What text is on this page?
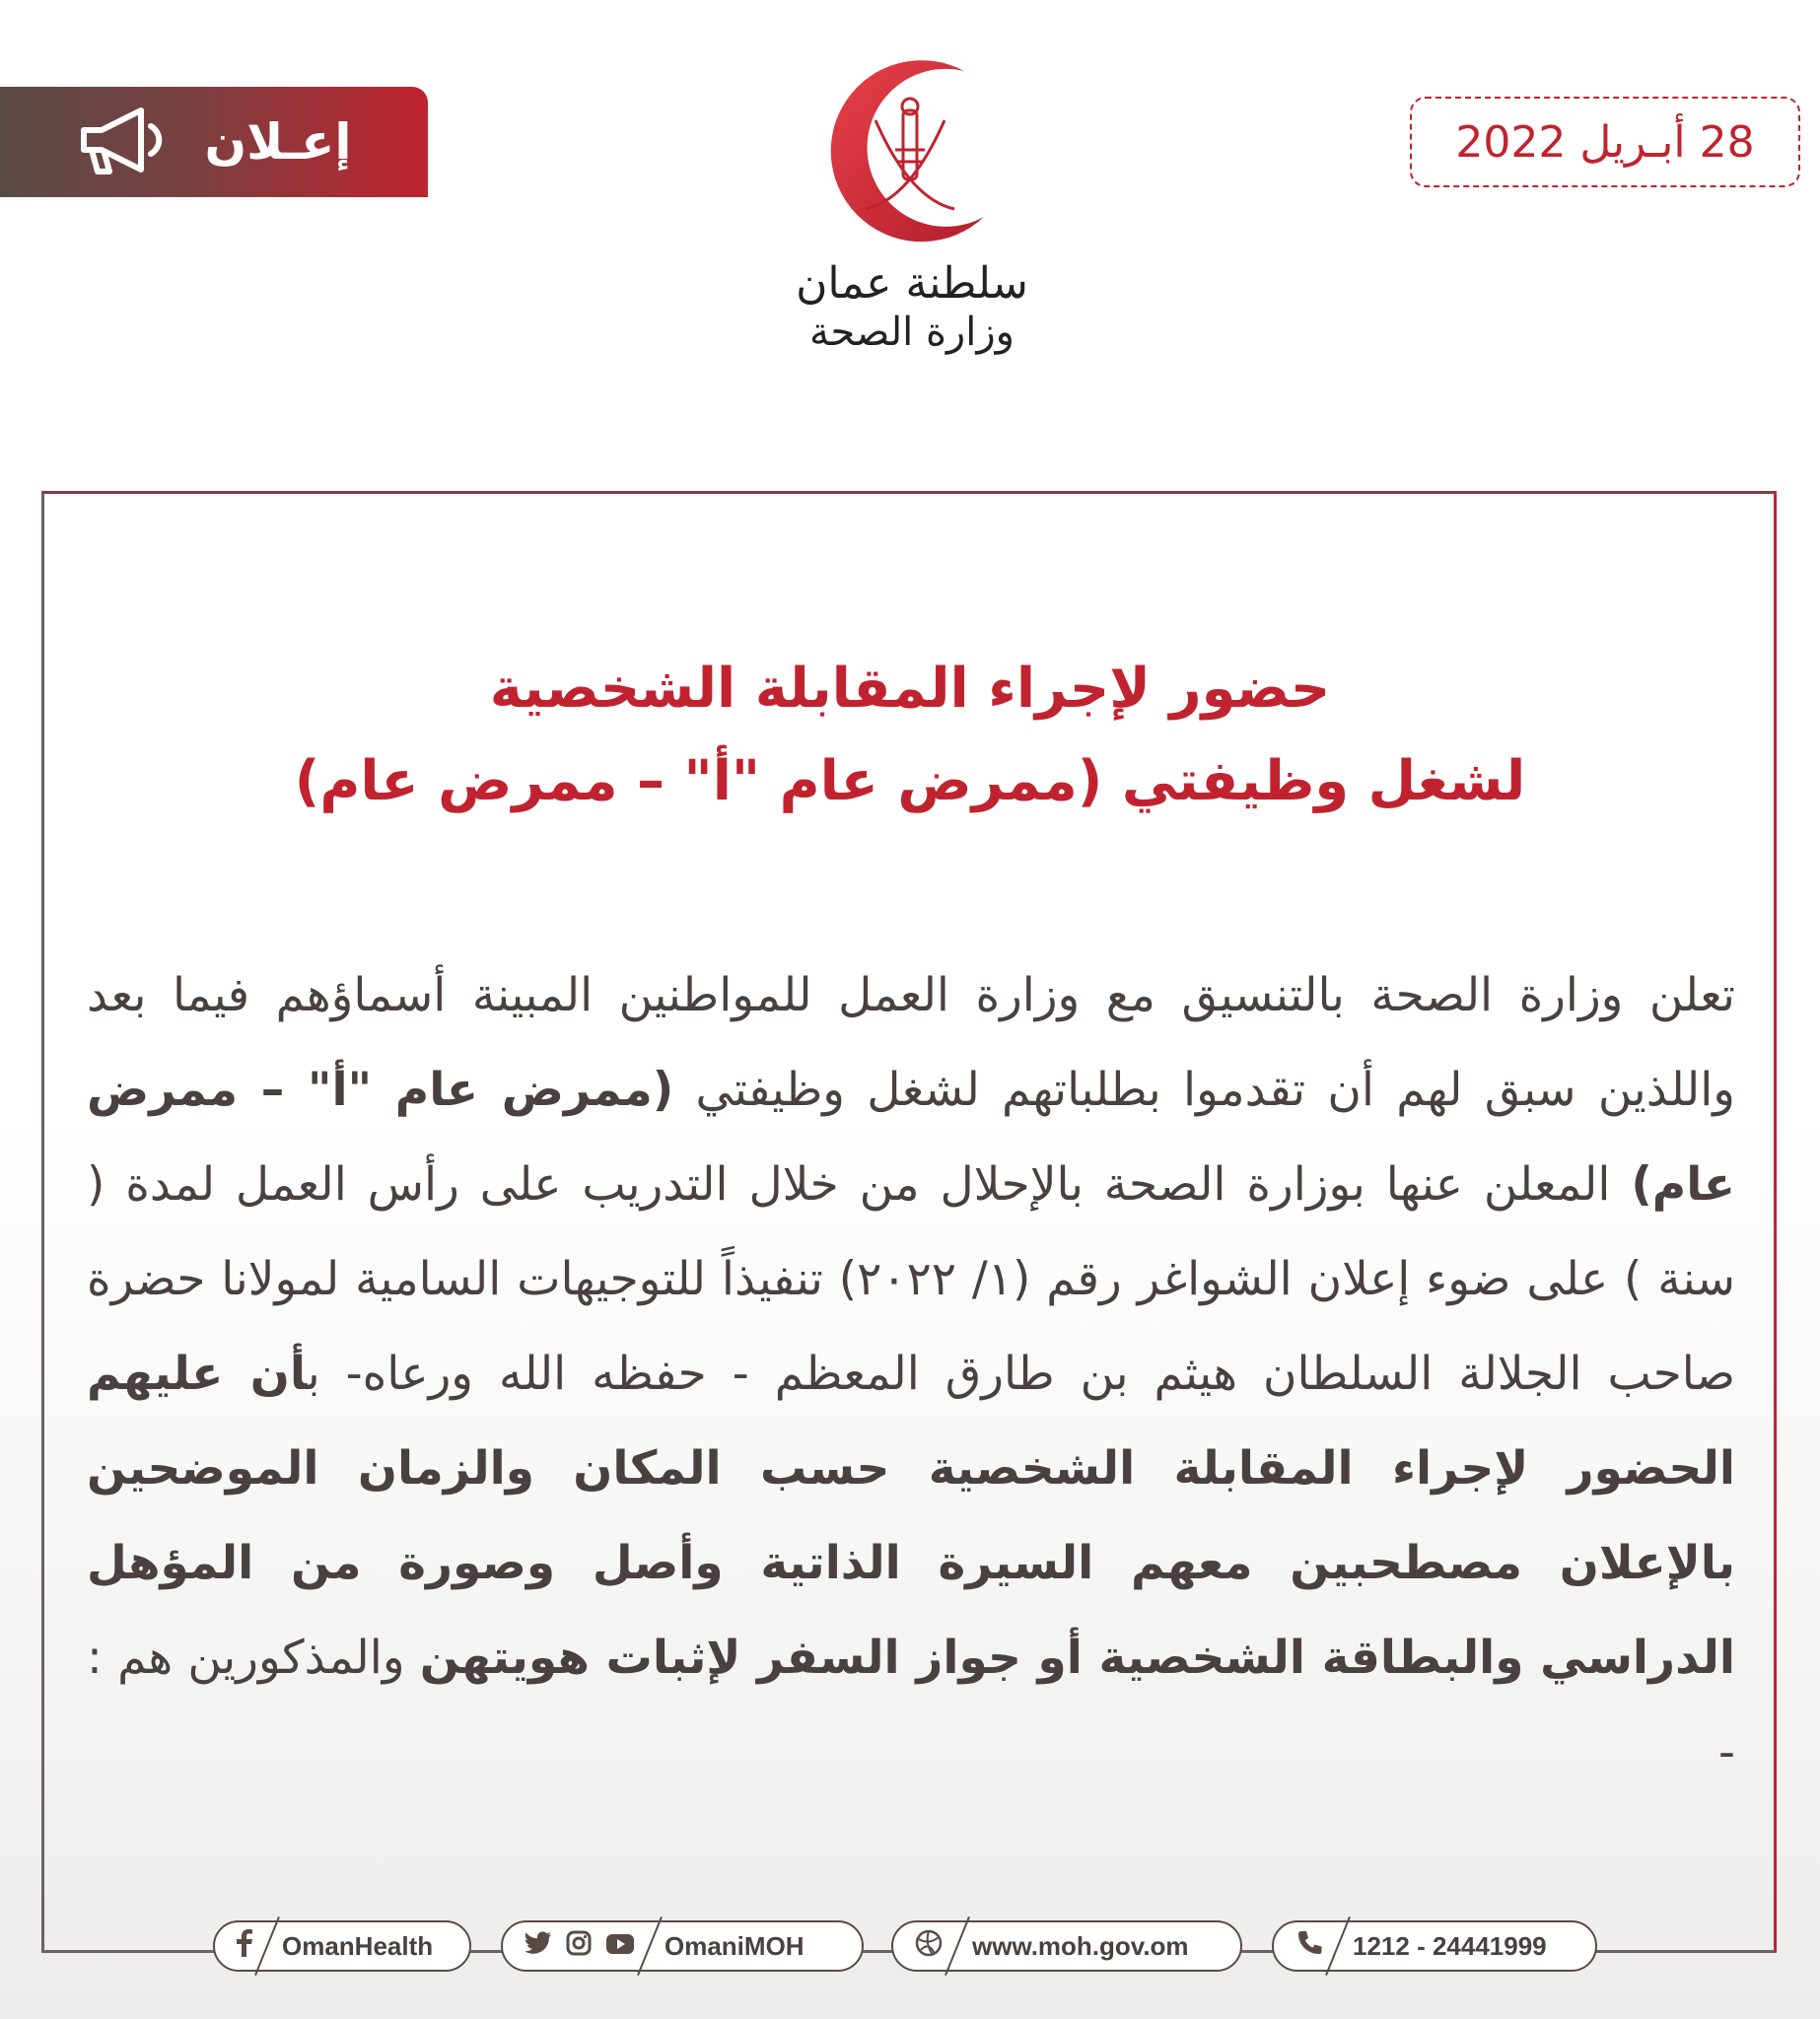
إعـلان	28 أبـريل 2022
سلطنة عمان
وزارة الصحة
حضور لإجراء المقابلة الشخصية
لشغل وظيفتي (ممرض عام "أ" – ممرض عام)
تعلن وزارة الصحة بالتنسيق مع وزارة العمل للمواطنين المبينة أسماؤهم فيما بعد واللذين سبق لهم أن تقدموا بطلباتهم لشغل وظيفتي (ممرض عام "أ" – ممرض عام) المعلن عنها بوزارة الصحة بالإحلال من خلال التدريب على رأس العمل لمدة ( سنة ) على ضوء إعلان الشواغر رقم (١/ ٢٠٢٢) تنفيذاً للتوجيهات السامية لمولانا حضرة صاحب الجلالة السلطان هيثم بن طارق المعظم - حفظه الله ورعاه- بأن عليهم الحضور لإجراء المقابلة الشخصية حسب المكان والزمان الموضحين بالإعلان مصطحبين معهم السيرة الذاتية وأصل وصورة من المؤهل الدراسي والبطاقة الشخصية أو جواز السفر لإثبات هويتهن والمذكورين هم : -
OmanHealth	OmaniMOH	www.moh.gov.om	1212 - 24441999
